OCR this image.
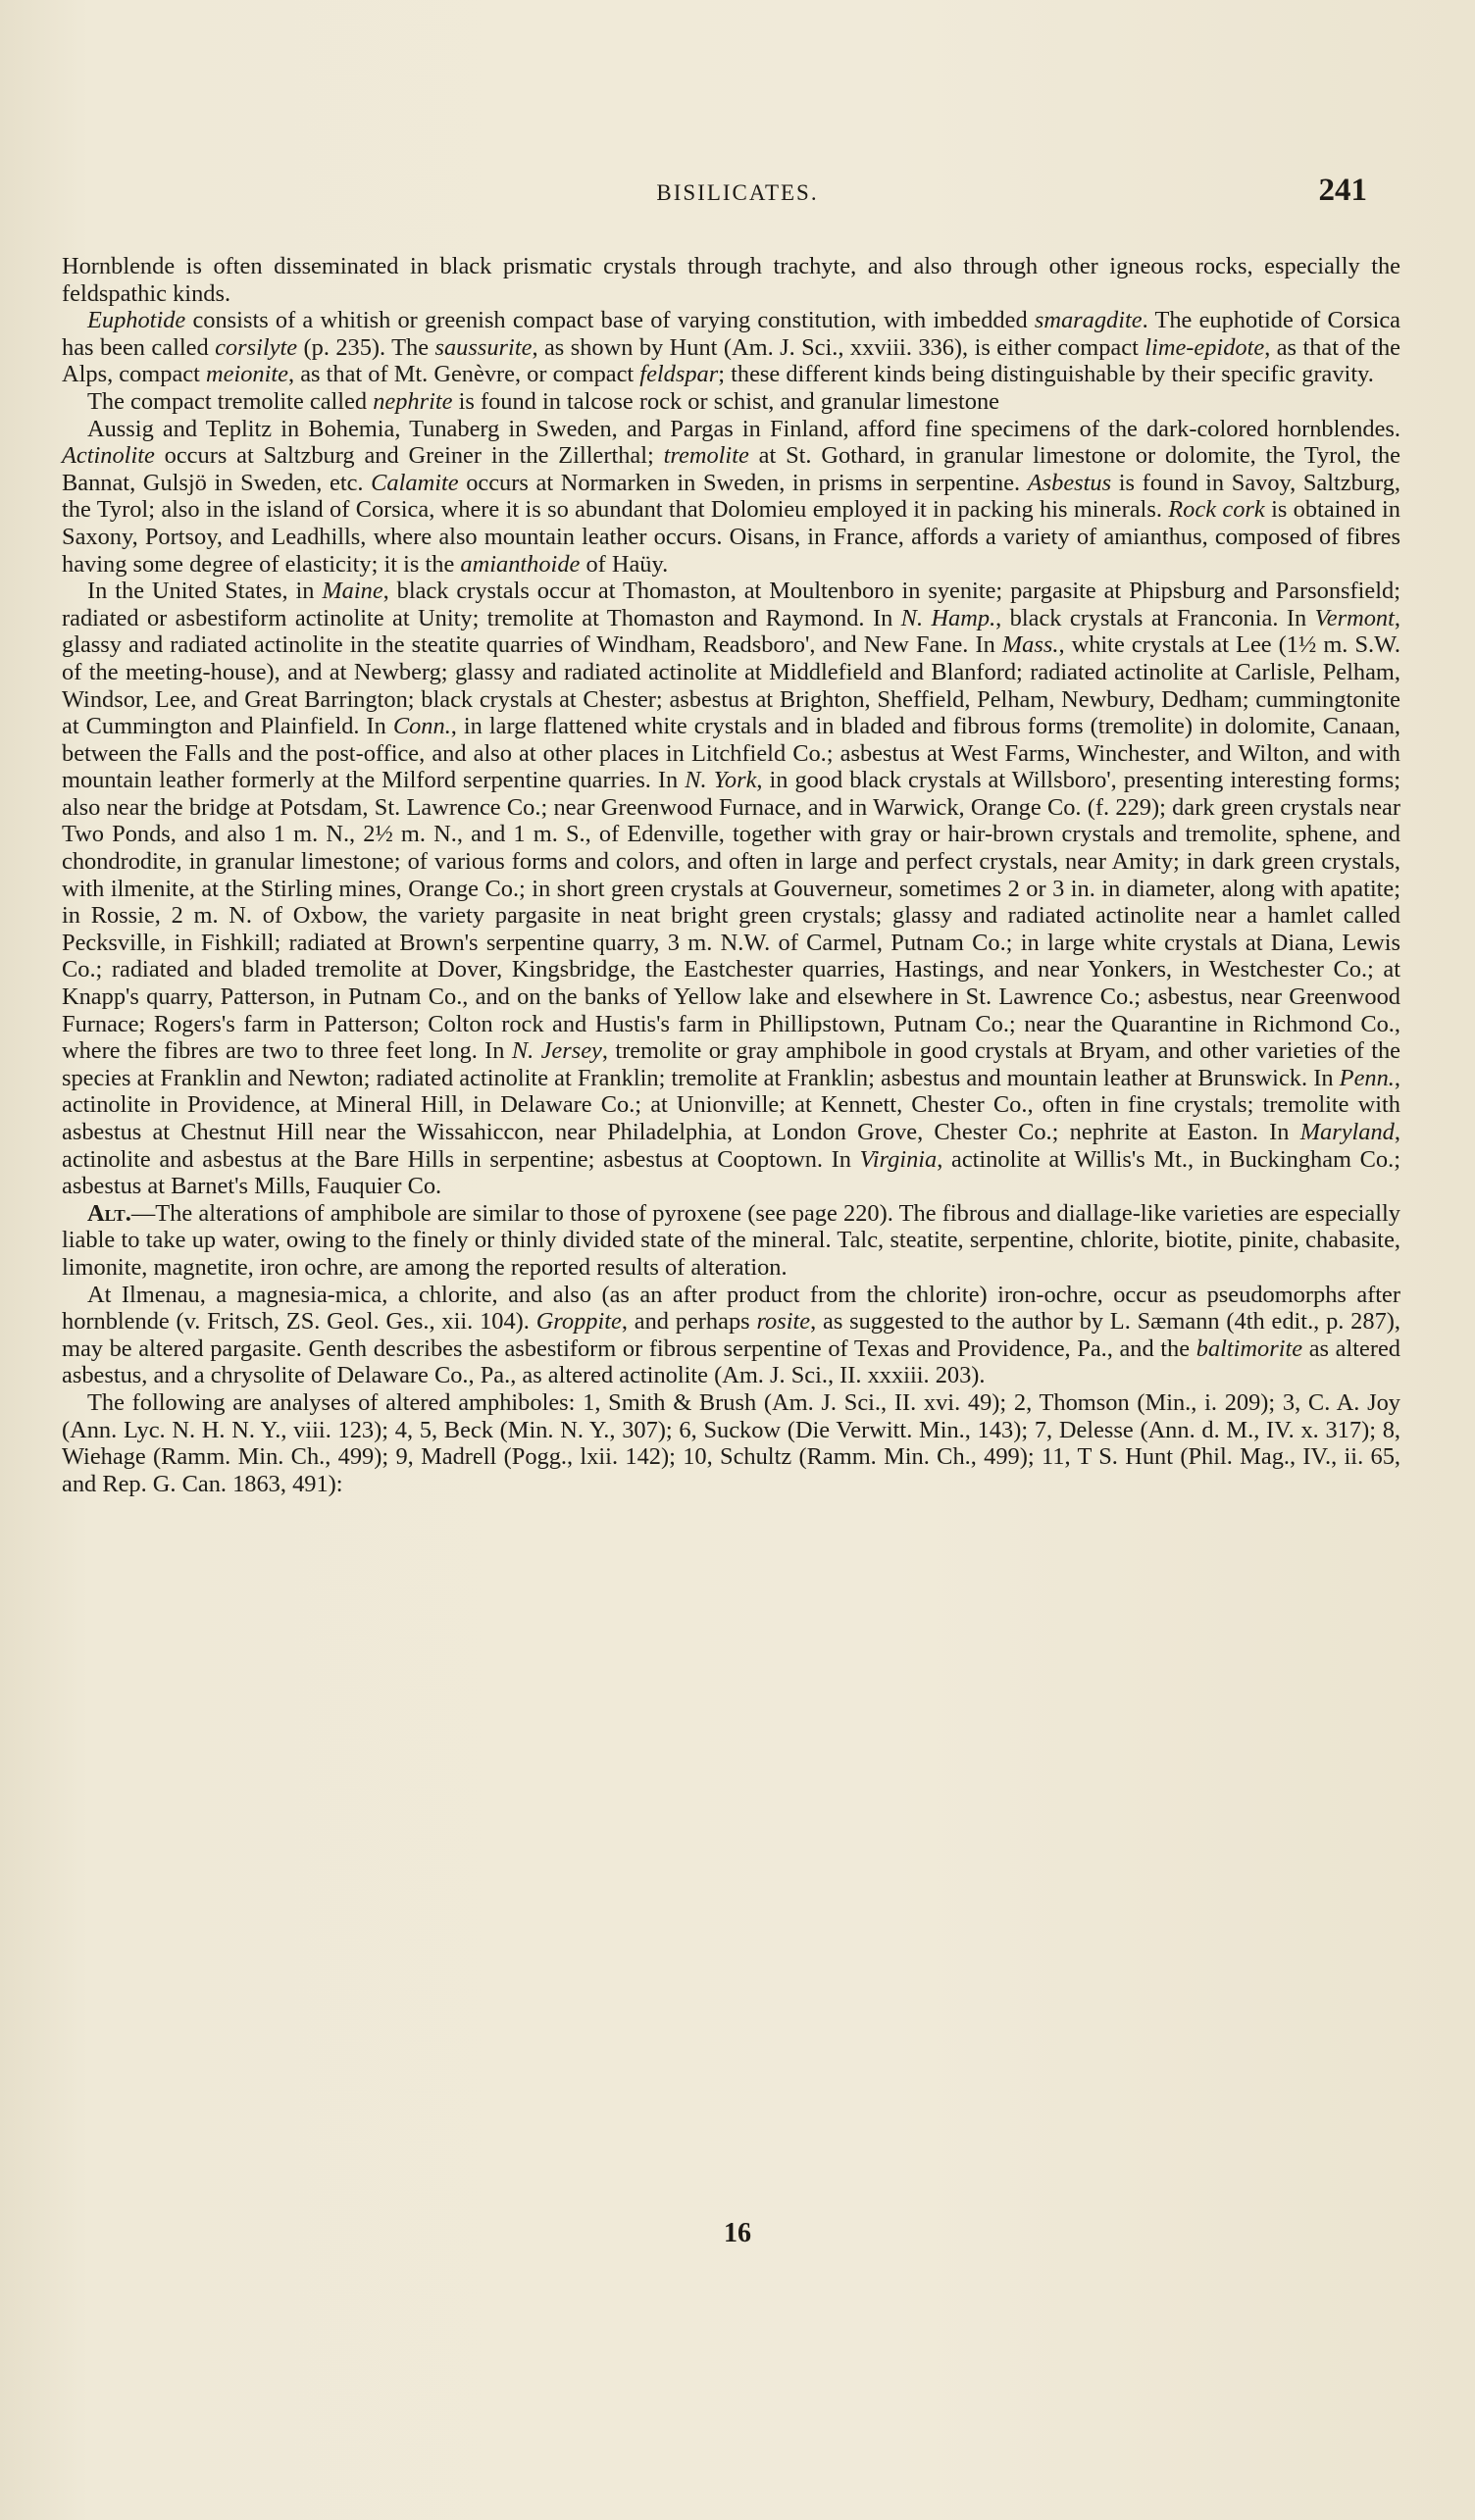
BISILICATES.	241

Hornblende is often disseminated in black prismatic crystals through trachyte, and also through other igneous rocks, especially the feldspathic kinds.

Euphotide consists of a whitish or greenish compact base of varying constitution, with imbedded smaragdite. The euphotide of Corsica has been called corsilyte (p. 235). The saussurite, as shown by Hunt (Am. J. Sci., xxviii. 336), is either compact lime-epidote, as that of the Alps, compact meionite, as that of Mt. Genèvre, or compact feldspar; these different kinds being distinguishable by their specific gravity.

The compact tremolite called nephrite is found in talcose rock or schist, and granular limestone

Aussig and Teplitz in Bohemia, Tunaberg in Sweden, and Pargas in Finland, afford fine specimens of the dark-colored hornblendes. Actinolite occurs at Saltzburg and Greiner in the Zillerthal; tremolite at St. Gothard, in granular limestone or dolomite, the Tyrol, the Bannat, Gulsjö in Sweden, etc. Calamite occurs at Normarken in Sweden, in prisms in serpentine. Asbestus is found in Savoy, Saltzburg, the Tyrol; also in the island of Corsica, where it is so abundant that Dolomieu employed it in packing his minerals. Rock cork is obtained in Saxony, Portsoy, and Leadhills, where also mountain leather occurs. Oisans, in France, affords a variety of amianthus, composed of fibres having some degree of elasticity; it is the amianthoide of Haüy.

In the United States, in Maine, black crystals occur at Thomaston, at Moultenboro in syenite; pargasite at Phipsburg and Parsonsfield; radiated or asbestiform actinolite at Unity; tremolite at Thomaston and Raymond. In N. Hamp., black crystals at Franconia. In Vermont, glassy and radiated actinolite in the steatite quarries of Windham, Readsboro', and New Fane. In Mass., white crystals at Lee (1½ m. S.W. of the meeting-house), and at Newberg; glassy and radiated actinolite at Middlefield and Blanford; radiated actinolite at Carlisle, Pelham, Windsor, Lee, and Great Barrington; black crystals at Chester; asbestus at Brighton, Sheffield, Pelham, Newbury, Dedham; cummingtonite at Cummington and Plainfield. In Conn., in large flattened white crystals and in bladed and fibrous forms (tremolite) in dolomite, Canaan, between the Falls and the post-office, and also at other places in Litchfield Co.; asbestus at West Farms, Winchester, and Wilton, and with mountain leather formerly at the Milford serpentine quarries. In N. York, in good black crystals at Willsboro', presenting interesting forms; also near the bridge at Potsdam, St. Lawrence Co.; near Greenwood Furnace, and in Warwick, Orange Co. (f. 229); dark green crystals near Two Ponds, and also 1 m. N., 2½ m. N., and 1 m. S., of Edenville, together with gray or hair-brown crystals and tremolite, sphene, and chondrodite, in granular limestone; of various forms and colors, and often in large and perfect crystals, near Amity; in dark green crystals, with ilmenite, at the Stirling mines, Orange Co.; in short green crystals at Gouverneur, sometimes 2 or 3 in. in diameter, along with apatite; in Rossie, 2 m. N. of Oxbow, the variety pargasite in neat bright green crystals; glassy and radiated actinolite near a hamlet called Pecksville, in Fishkill; radiated at Brown's serpentine quarry, 3 m. N.W. of Carmel, Putnam Co.; in large white crystals at Diana, Lewis Co.; radiated and bladed tremolite at Dover, Kingsbridge, the Eastchester quarries, Hastings, and near Yonkers, in Westchester Co.; at Knapp's quarry, Patterson, in Putnam Co., and on the banks of Yellow lake and elsewhere in St. Lawrence Co.; asbestus, near Greenwood Furnace; Rogers's farm in Patterson; Colton rock and Hustis's farm in Phillipstown, Putnam Co.; near the Quarantine in Richmond Co., where the fibres are two to three feet long. In N. Jersey, tremolite or gray amphibole in good crystals at Bryam, and other varieties of the species at Franklin and Newton; radiated actinolite at Franklin; tremolite at Franklin; asbestus and mountain leather at Brunswick. In Penn., actinolite in Providence, at Mineral Hill, in Delaware Co.; at Unionville; at Kennett, Chester Co., often in fine crystals; tremolite with asbestus at Chestnut Hill near the Wissahiccon, near Philadelphia, at London Grove, Chester Co.; nephrite at Easton. In Maryland, actinolite and asbestus at the Bare Hills in serpentine; asbestus at Cooptown. In Virginia, actinolite at Willis's Mt., in Buckingham Co.; asbestus at Barnet's Mills, Fauquier Co.

Alt.—The alterations of amphibole are similar to those of pyroxene (see page 220). The fibrous and diallage-like varieties are especially liable to take up water, owing to the finely or thinly divided state of the mineral. Talc, steatite, serpentine, chlorite, biotite, pinite, chabasite, limonite, magnetite, iron ochre, are among the reported results of alteration.

At Ilmenau, a magnesia-mica, a chlorite, and also (as an after product from the chlorite) iron-ochre, occur as pseudomorphs after hornblende (v. Fritsch, ZS. Geol. Ges., xii. 104). Groppite, and perhaps rosite, as suggested to the author by L. Sæmann (4th edit., p. 287), may be altered pargasite. Genth describes the asbestiform or fibrous serpentine of Texas and Providence, Pa., and the baltimorite as altered asbestus, and a chrysolite of Delaware Co., Pa., as altered actinolite (Am. J. Sci., II. xxxiii. 203).

The following are analyses of altered amphiboles: 1, Smith & Brush (Am. J. Sci., II. xvi. 49); 2, Thomson (Min., i. 209); 3, C. A. Joy (Ann. Lyc. N. H. N. Y., viii. 123); 4, 5, Beck (Min. N. Y., 307); 6, Suckow (Die Verwitt. Min., 143); 7, Delesse (Ann. d. M., IV. x. 317); 8, Wiehage (Ramm. Min. Ch., 499); 9, Madrell (Pogg., lxii. 142); 10, Schultz (Ramm. Min. Ch., 499); 11, T S. Hunt (Phil. Mag., IV., ii. 65, and Rep. G. Can. 1863, 491):

16
